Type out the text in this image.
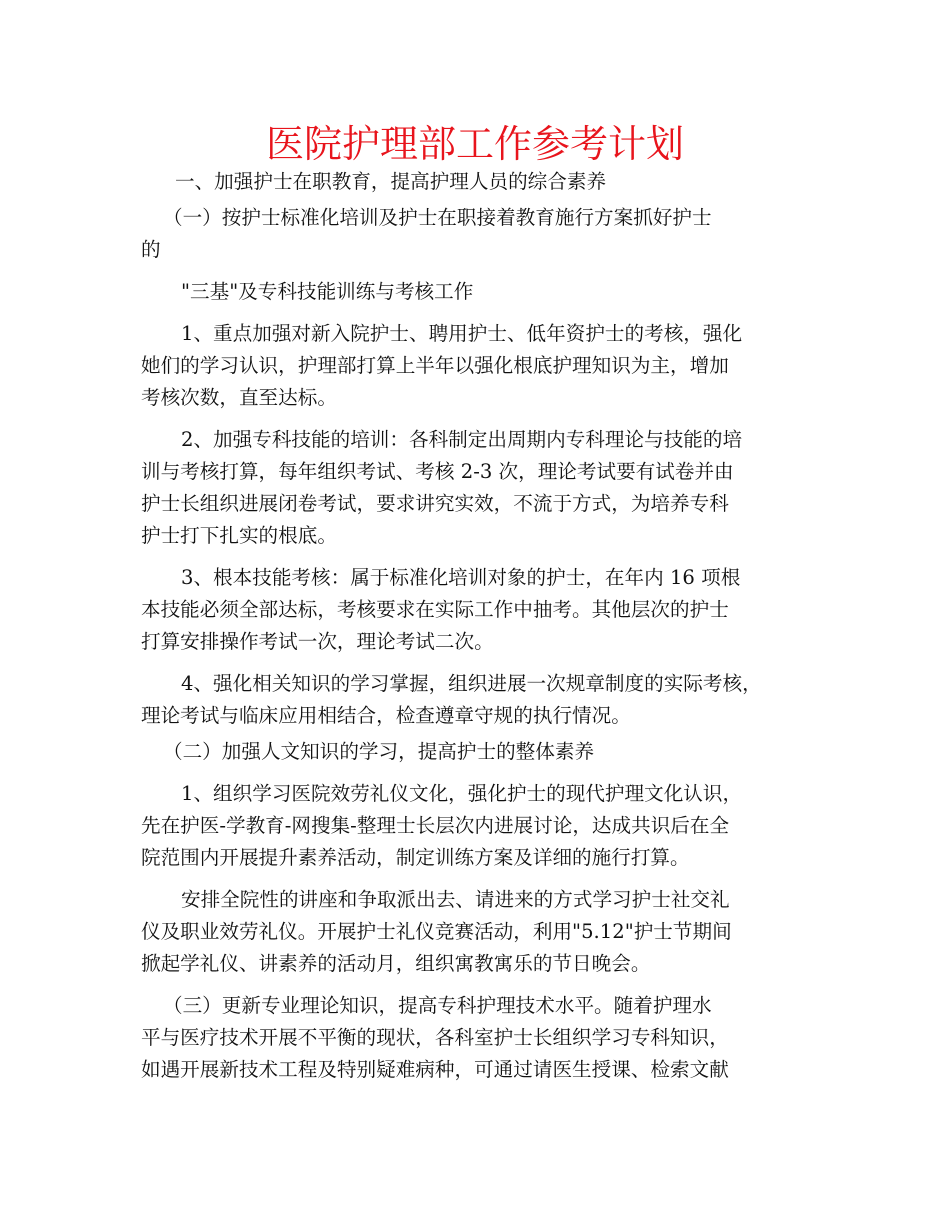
医院护理部工作参考计划

一、加强护士在职教育，提高护理人员的综合素养

（一）按护士标准化培训及护士在职接着教育施行方案抓好护士

的

"三基"及专科技能训练与考核工作

1、重点加强对新入院护士、聘用护士、低年资护士的考核，强化

她们的学习认识，护理部打算上半年以强化根底护理知识为主，增加

考核次数，直至达标。

2、加强专科技能的培训：各科制定出周期内专科理论与技能的培

训与考核打算，每年组织考试、考核 2-3 次，理论考试要有试卷并由

护士长组织进展闭卷考试，要求讲究实效，不流于方式，为培养专科

护士打下扎实的根底。

3、根本技能考核：属于标准化培训对象的护士，在年内 16 项根

本技能必须全部达标，考核要求在实际工作中抽考。其他层次的护士

打算安排操作考试一次，理论考试二次。

4、强化相关知识的学习掌握，组织进展一次规章制度的实际考核，

理论考试与临床应用相结合，检查遵章守规的执行情况。

（二）加强人文知识的学习，提高护士的整体素养

1、组织学习医院效劳礼仪文化，强化护士的现代护理文化认识，

先在护医-学教育-网搜集-整理士长层次内进展讨论，达成共识后在全

院范围内开展提升素养活动，制定训练方案及详细的施行打算。

安排全院性的讲座和争取派出去、请进来的方式学习护士社交礼

仪及职业效劳礼仪。开展护士礼仪竞赛活动，利用"5.12"护士节期间

掀起学礼仪、讲素养的活动月，组织寓教寓乐的节日晚会。

（三）更新专业理论知识，提高专科护理技术水平。随着护理水

平与医疗技术开展不平衡的现状，各科室护士长组织学习专科知识，

如遇开展新技术工程及特别疑难病种，可通过请医生授课、检索文献
